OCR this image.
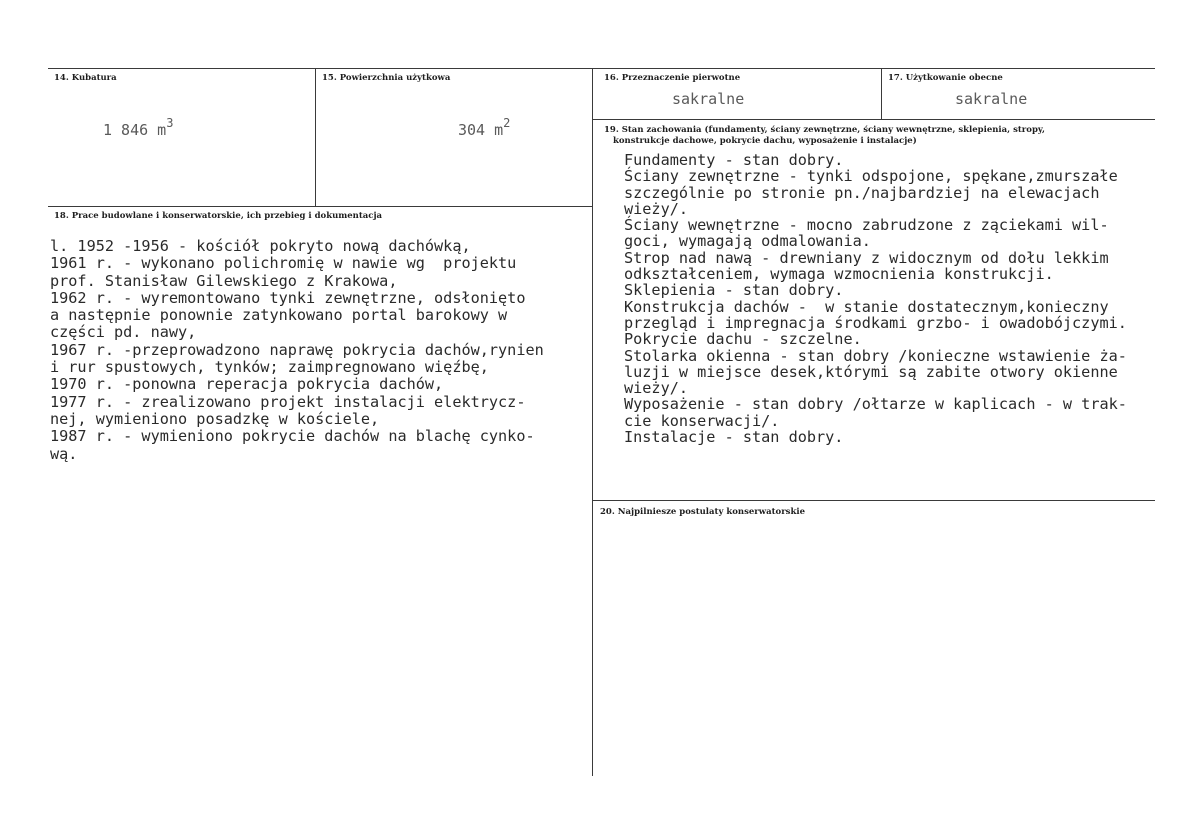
14. Kubatura
1 846 $m^3$
15. Powierzchnia użytkowa
304 $m^2$
16. Przeznaczenie pierwotne
sakralne
17. Użytkowanie obecne
sakralne
18. Prace budowlane i konserwatorskie, ich przebieg i dokumentacja
l. 1952 -1956 - kościół pokryto nową dachówką,
1961 r. - wykonano polichromię w nawie wg  projektu
prof. Stanisław Gilewskiego z Krakowa,
1962 r. - wyremontowano tynki zewnętrzne, odsłonięto
a następnie ponownie zatynkowano portal barokowy w
części pd. nawy,
1967 r. -przeprowadzono naprawę pokrycia dachów,rynien
i rur spustowych, tynków; zaimpregnowano więźbę,
1970 r. -ponowna reperacja pokrycia dachów,
1977 r. - zrealizowano projekt instalacji elektrycz-
nej, wymieniono posadzkę w kościele,
1987 r. - wymieniono pokrycie dachów na blachę cynko-
wą.
19. Stan zachowania (fundamenty, ściany zewnętrzne, ściany wewnętrzne, sklepienia, stropy,
konstrukcje dachowe, pokrycie dachu, wyposażenie i instalacje)
Fundamenty - stan dobry.
Ściany zewnętrzne - tynki odspojone, spękane,zmurszałe
szczególnie po stronie pn./najbardziej na elewacjach
wieży/.
Ściany wewnętrzne - mocno zabrudzone z ząciekami wil-
goci, wymagają odmalowania.
Strop nad nawą - drewniany z widocznym od dołu lekkim
odkształceniem, wymaga wzmocnienia konstrukcji.
Sklepienia - stan dobry.
Konstrukcja dachów -  w stanie dostatecznym,konieczny
przegląd i impregnacja środkami grzbo- i owadobójczymi.
Pokrycie dachu - szczelne.
Stolarka okienna - stan dobry /konieczne wstawienie ża-
luzji w miejsce desek,którymi są zabite otwory okienne
wieży/.
Wyposażenie - stan dobry /ołtarze w kaplicach - w trak-
cie konserwacji/.
Instalacje - stan dobry.
20. Najpilniesze postulaty konserwatorskie
